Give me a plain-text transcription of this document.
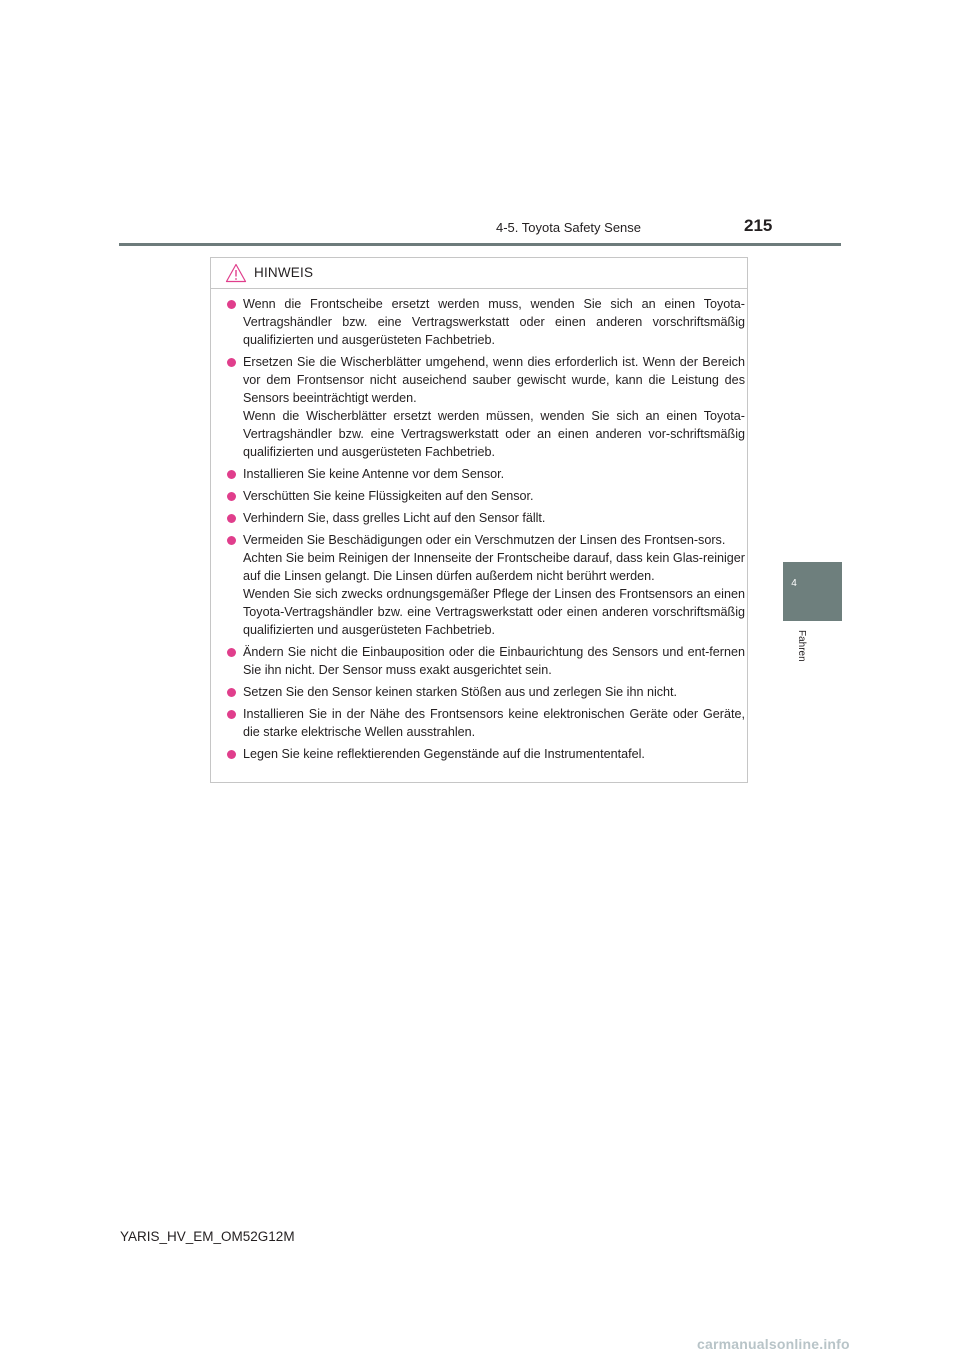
4-5. Toyota Safety Sense	215
4
Fahren
HINWEIS
Wenn die Frontscheibe ersetzt werden muss, wenden Sie sich an einen Toyota-Vertragshändler bzw. eine Vertragswerkstatt oder einen anderen vorschriftsmäßig qualifizierten und ausgerüsteten Fachbetrieb.
Ersetzen Sie die Wischerblätter umgehend, wenn dies erforderlich ist. Wenn der Bereich vor dem Frontsensor nicht auseichend sauber gewischt wurde, kann die Leistung des Sensors beeinträchtigt werden.
Wenn die Wischerblätter ersetzt werden müssen, wenden Sie sich an einen Toyota-Vertragshändler bzw. eine Vertragswerkstatt oder an einen anderen vor-schriftsmäßig qualifizierten und ausgerüsteten Fachbetrieb.
Installieren Sie keine Antenne vor dem Sensor.
Verschütten Sie keine Flüssigkeiten auf den Sensor.
Verhindern Sie, dass grelles Licht auf den Sensor fällt.
Vermeiden Sie Beschädigungen oder ein Verschmutzen der Linsen des Frontsen-sors.
Achten Sie beim Reinigen der Innenseite der Frontscheibe darauf, dass kein Glas-reiniger auf die Linsen gelangt. Die Linsen dürfen außerdem nicht berührt werden.
Wenden Sie sich zwecks ordnungsgemäßer Pflege der Linsen des Frontsensors an einen Toyota-Vertragshändler bzw. eine Vertragswerkstatt oder einen anderen vorschriftsmäßig qualifizierten und ausgerüsteten Fachbetrieb.
Ändern Sie nicht die Einbauposition oder die Einbaurichtung des Sensors und ent-fernen Sie ihn nicht. Der Sensor muss exakt ausgerichtet sein.
Setzen Sie den Sensor keinen starken Stößen aus und zerlegen Sie ihn nicht.
Installieren Sie in der Nähe des Frontsensors keine elektronischen Geräte oder Geräte, die starke elektrische Wellen ausstrahlen.
Legen Sie keine reflektierenden Gegenstände auf die Instrumententafel.
YARIS_HV_EM_OM52G12M
carmanualsonline.info
